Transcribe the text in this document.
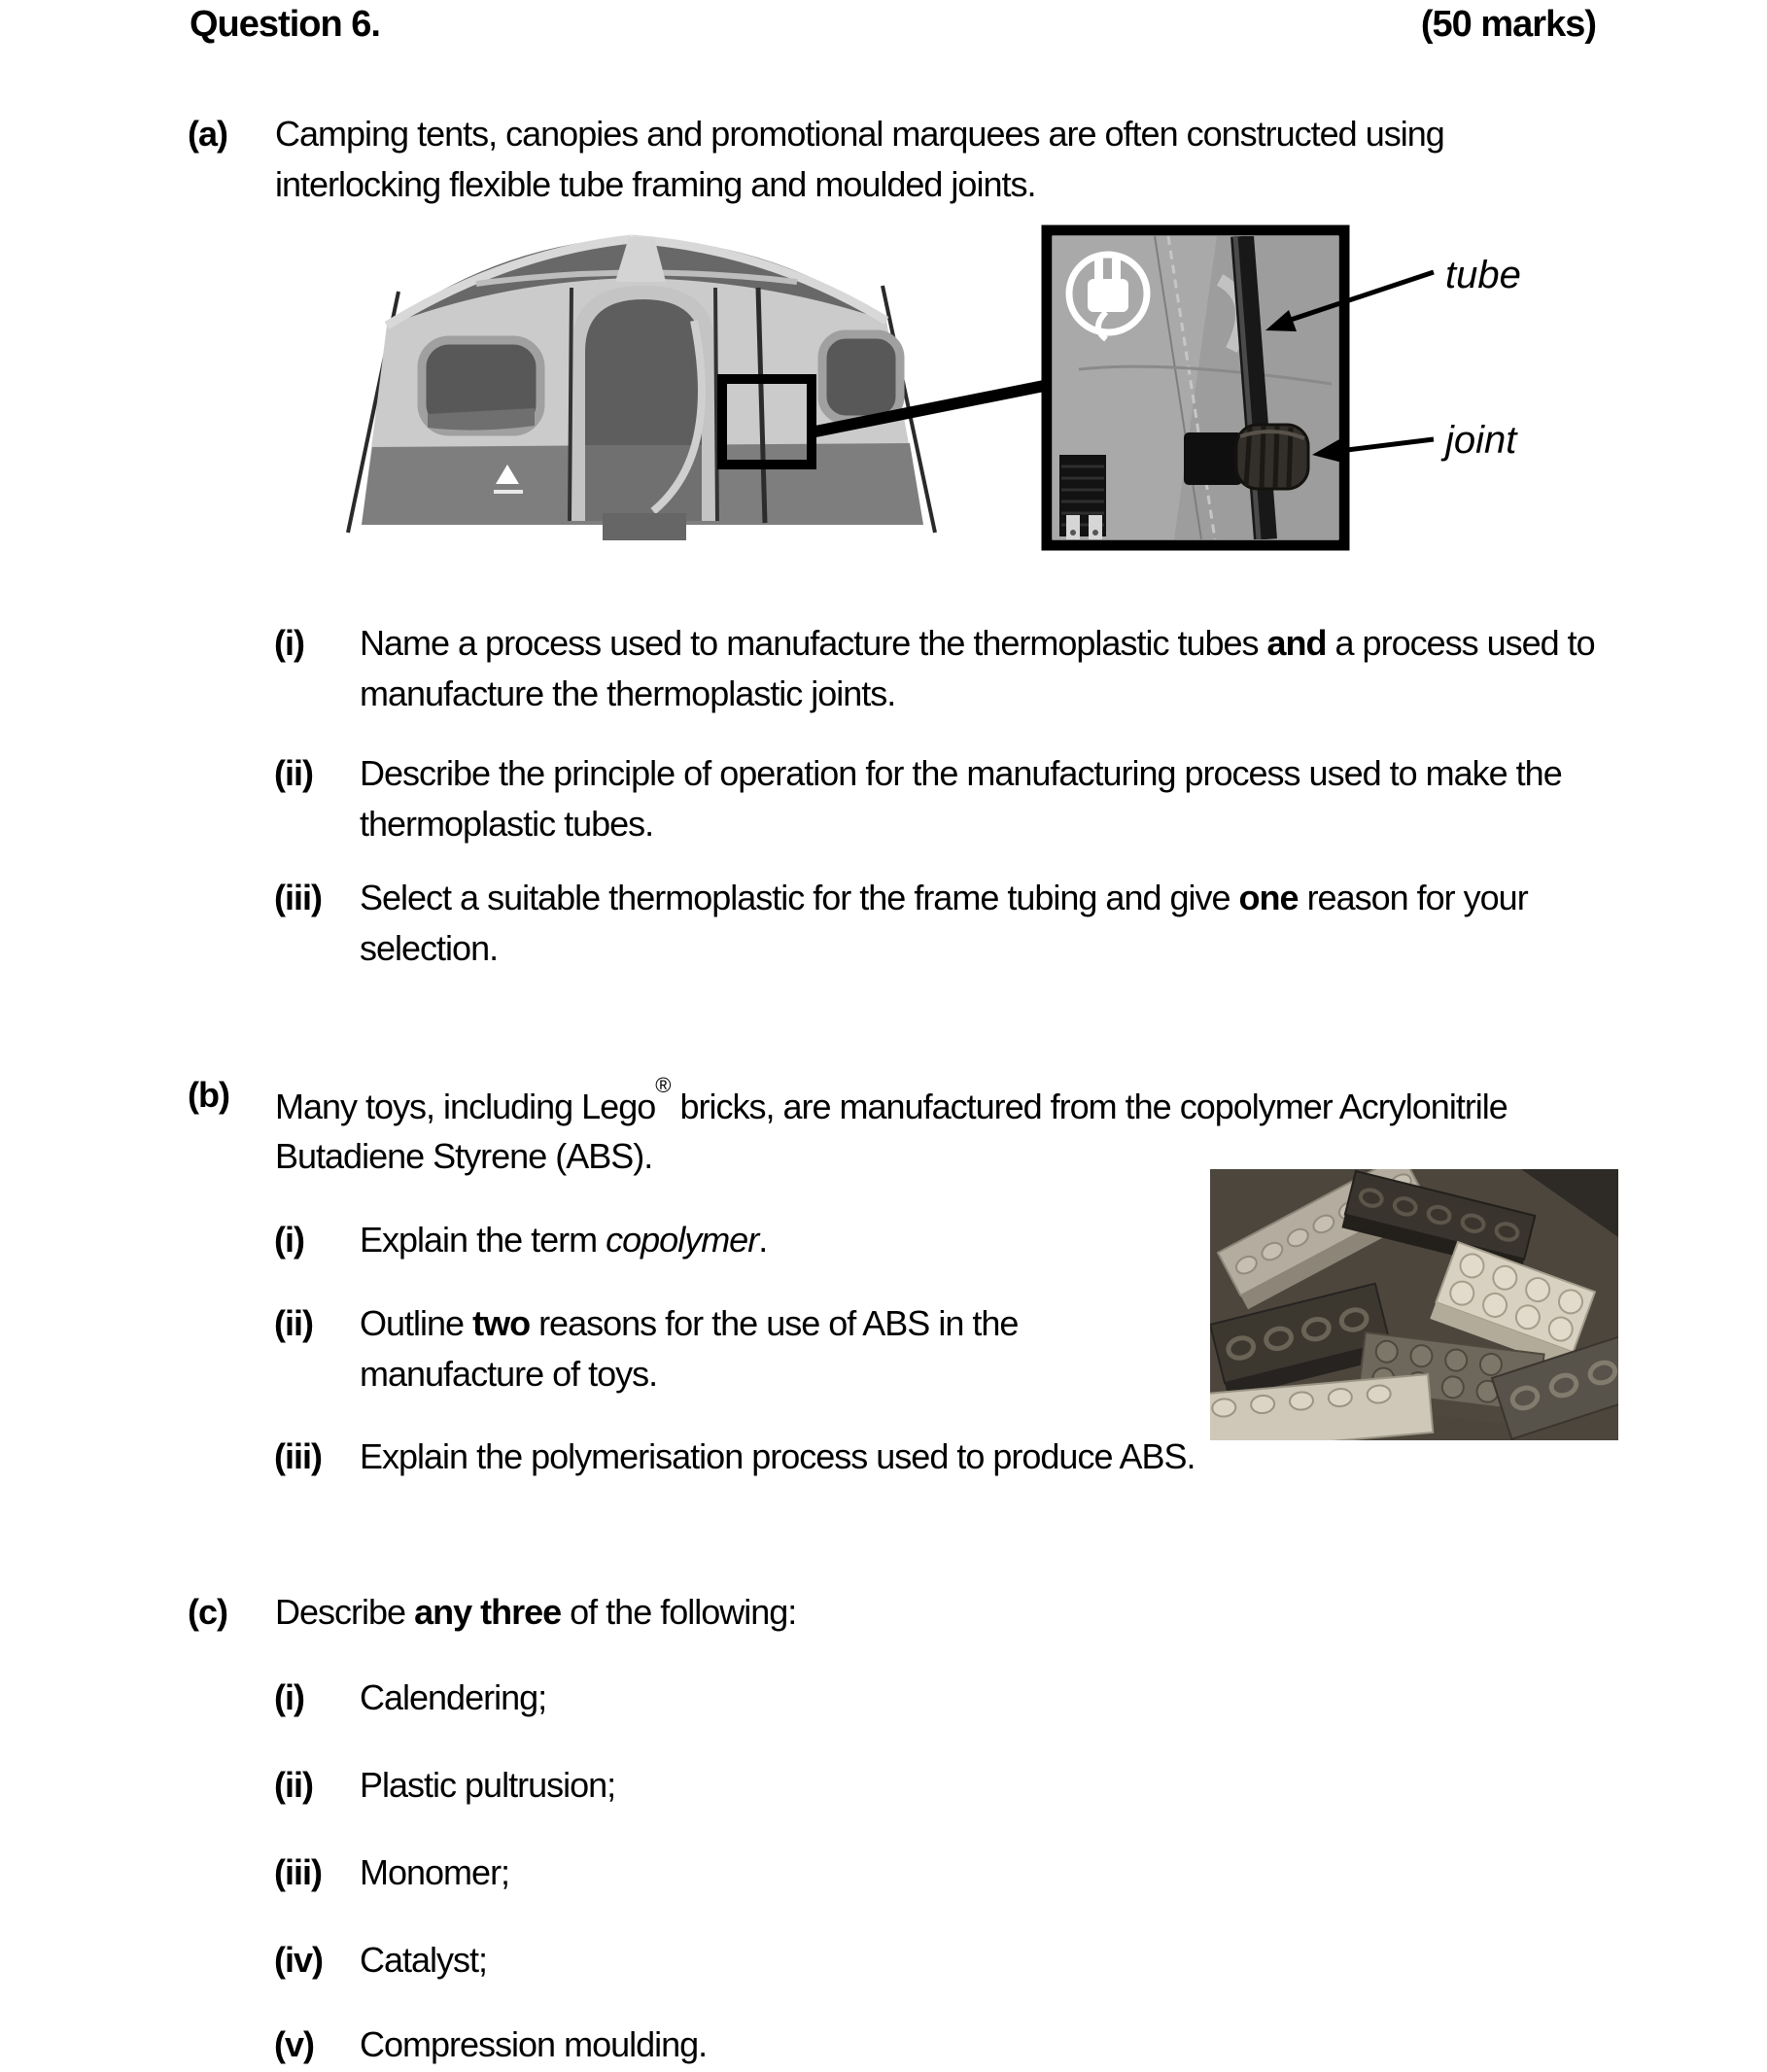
Question 6.	(50 marks)
(a) Camping tents, canopies and promotional marquees are often constructed using
interlocking flexible tube framing and moulded joints.
tube
joint
(i) Name a process used to manufacture the thermoplastic tubes and a process used to
manufacture the thermoplastic joints.
(ii) Describe the principle of operation for the manufacturing process used to make the
thermoplastic tubes.
(iii) Select a suitable thermoplastic for the frame tubing and give one reason for your
selection.
(b) Many toys, including Lego® bricks, are manufactured from the copolymer Acrylonitrile
Butadiene Styrene (ABS).
(i) Explain the term copolymer.
(ii) Outline two reasons for the use of ABS in the
manufacture of toys.
(iii) Explain the polymerisation process used to produce ABS.
(c) Describe any three of the following:
(i) Calendering;
(ii) Plastic pultrusion;
(iii) Monomer;
(iv) Catalyst;
(v) Compression moulding.
